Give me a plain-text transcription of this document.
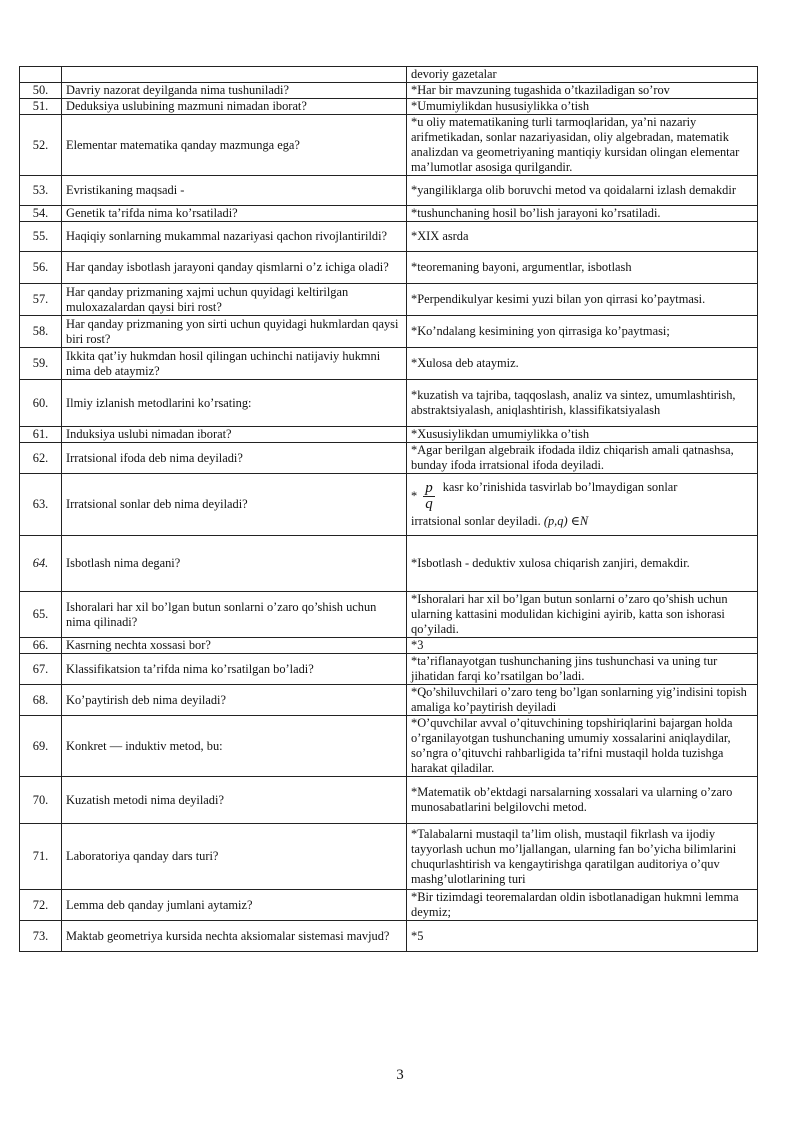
		devoriy gazetalar
50.	Davriy nazorat deyilganda nima tushuniladi?	*Har bir mavzuning tugashida o’tkaziladigan so’rov
51.	Deduksiya uslubining mazmuni nimadan iborat?	*Umumiylikdan hususiylikka o’tish
52.	Elementar matematika qanday mazmunga ega?	*u oliy matematikaning turli tarmoqlaridan, ya’ni nazariy arifmetikadan, sonlar nazariyasidan, oliy algebradan, matematik analizdan va geometriyaning mantiqiy kursidan olingan elementar ma’lumotlar asosiga qurilgandir.
53.	Evristikaning maqsadi -	*yangiliklarga olib boruvchi metod va qoidalarni izlash demakdir
54.	Genetik ta’rifda nima ko’rsatiladi?	*tushunchaning hosil bo’lish jarayoni ko’rsatiladi.
55.	Haqiqiy sonlarning mukammal nazariyasi qachon rivojlantirildi?	*XIX asrda
56.	Har qanday isbotlash jarayoni qanday qismlarni o’z ichiga oladi?	*teoremaning bayoni, argumentlar, isbotlash
57.	Har qanday prizmaning xajmi uchun quyidagi keltirilgan muloxazalardan qaysi biri rost?	*Perpendikulyar kesimi yuzi bilan yon qirrasi ko’paytmasi.
58.	Har qanday prizmaning yon sirti uchun quyidagi hukmlardan qaysi biri rost?	*Ko’ndalang kesimining yon qirrasiga ko’paytmasi;
59.	Ikkita qat’iy hukmdan hosil qilingan uchinchi natijaviy hukmni nima deb ataymiz?	*Xulosa deb ataymiz.
60.	Ilmiy izlanish metodlarini ko’rsating:	*kuzatish va tajriba, taqqoslash, analiz va sintez, umumlashtirish, abstraktsiyalash, aniqlashtirish, klassifikatsiyalash
61.	Induksiya uslubi nimadan iborat?	*Xususiylikdan umumiylikka o’tish
62.	Irratsional ifoda deb nima deyiladi?	*Agar berilgan algebraik ifodada ildiz chiqarish amali qatnashsa, bunday ifoda irratsional ifoda deyiladi.
63.	Irratsional sonlar deb nima deyiladi?	* $\frac{p}{q}$ kasr ko’rinishida tasvirlab bo’lmaydigan sonlar
irratsional sonlar deyiladi. (p,q) ∈N

64.	Isbotlash nima degani?	*Isbotlash - deduktiv xulosa chiqarish zanjiri, demakdir.
65.	Ishoralari har xil bo’lgan butun sonlarni o’zaro qo’shish uchun nima qilinadi?	*Ishoralari har xil bo’lgan butun sonlarni o’zaro qo’shish uchun ularning kattasini modulidan kichigini ayirib, katta son ishorasi qo’yiladi.
66.	Kasrning nechta xossasi bor?	*3
67.	Klassifikatsion ta’rifda nima ko’rsatilgan bo’ladi?	*ta’riflanayotgan tushunchaning jins tushunchasi va uning tur jihatidan farqi ko’rsatilgan bo’ladi.
68.	Ko’paytirish deb nima deyiladi?	*Qo’shiluvchilari o’zaro teng bo’lgan sonlarning yig’indisini topish amaliga ko’paytirish deyiladi
69.	Konkret — induktiv metod, bu:	*O’quvchilar avval o’qituvchining topshiriqlarini bajargan holda o’rganilayotgan tushunchaning umumiy xossalarini aniqlaydilar, so’ngra o’qituvchi rahbarligida ta’rifni mustaqil holda tuzishga harakat qiladilar.
70.	Kuzatish metodi nima deyiladi?	*Matematik ob’ektdagi narsalarning xossalari va ularning o’zaro munosabatlarini belgilovchi metod.
71.	Laboratoriya qanday dars turi?	*Talabalarni mustaqil ta’lim olish, mustaqil fikrlash va ijodiy tayyorlash uchun mo’ljallangan, ularning fan bo’yicha bilimlarini chuqurlashtirish va kengaytirishga qaratilgan auditoriya o’quv mashg’ulotlarining turi
72.	Lemma deb qanday jumlani aytamiz?	*Bir tizimdagi teoremalardan oldin isbotlanadigan hukmni lemma deymiz;
73.	Maktab geometriya kursida nechta aksiomalar sistemasi mavjud?	*5
3
